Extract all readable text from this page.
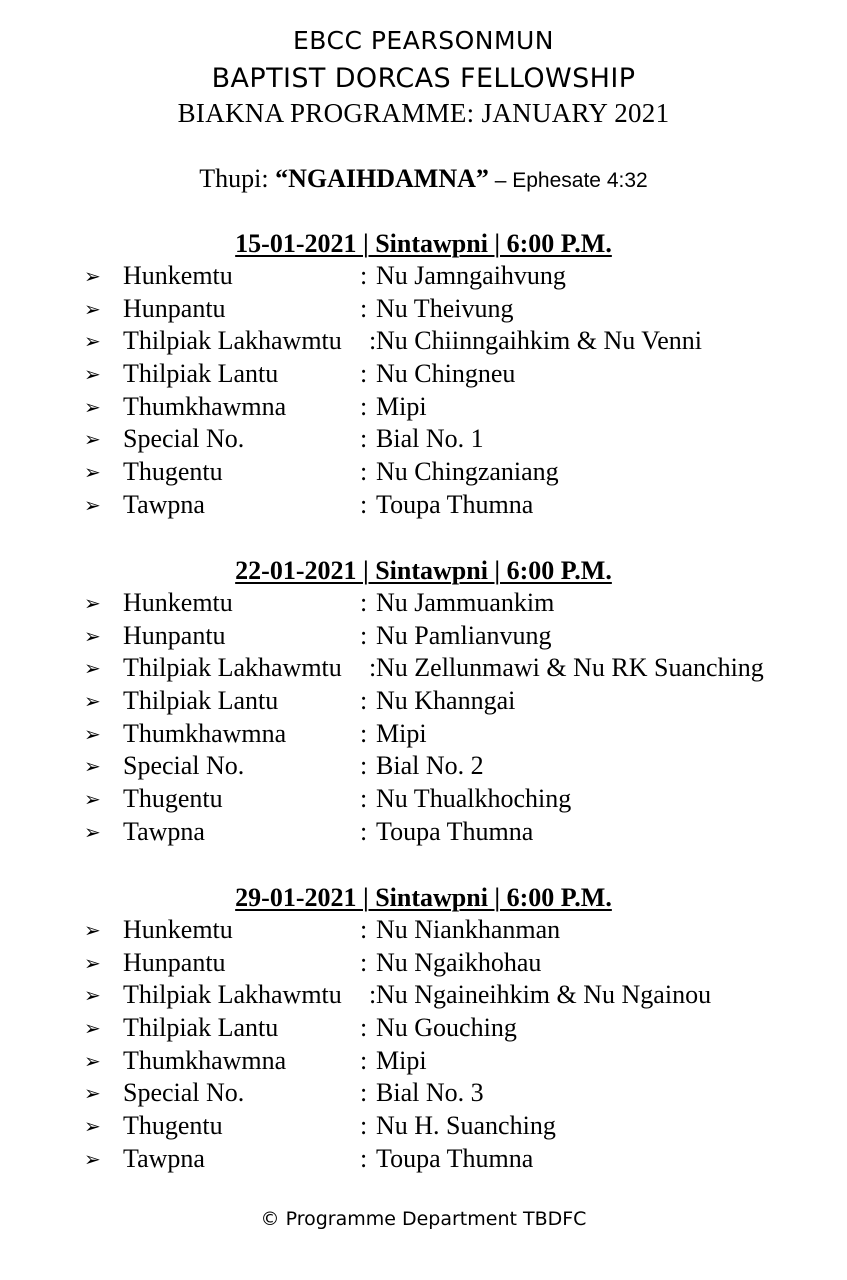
EBCC PEARSONMUN
BAPTIST DORCAS FELLOWSHIP
BIAKNA PROGRAMME: JANUARY 2021
Thupi: “NGAIHDAMNA” – Ephesate 4:32
15-01-2021 | Sintawpni | 6:00 P.M.
➢ Hunkemtu	: Nu Jamngaihvung
➢ Hunpantu	: Nu Theivung
➢ Thilpiak Lakhawmtu : Nu Chiinngaihkim & Nu Venni
➢ Thilpiak Lantu	: Nu Chingneu
➢ Thumkhawmna	: Mipi
➢ Special No.	: Bial No. 1
➢ Thugentu	: Nu Chingzaniang
➢ Tawpna	: Toupa Thumna
22-01-2021 | Sintawpni | 6:00 P.M.
➢ Hunkemtu	: Nu Jammuankim
➢ Hunpantu	: Nu Pamlianvung
➢ Thilpiak Lakhawmtu : Nu Zellunmawi & Nu RK Suanching
➢ Thilpiak Lantu	: Nu Khanngai
➢ Thumkhawmna	: Mipi
➢ Special No.	: Bial No. 2
➢ Thugentu	: Nu Thualkhoching
➢ Tawpna	: Toupa Thumna
29-01-2021 | Sintawpni | 6:00 P.M.
➢ Hunkemtu	: Nu Niankhanman
➢ Hunpantu	: Nu Ngaikhohau
➢ Thilpiak Lakhawmtu : Nu Ngaineihkim & Nu Ngainou
➢ Thilpiak Lantu	: Nu Gouching
➢ Thumkhawmna	: Mipi
➢ Special No.	: Bial No. 3
➢ Thugentu	: Nu H. Suanching
➢ Tawpna	: Toupa Thumna
© Programme Department TBDFC
